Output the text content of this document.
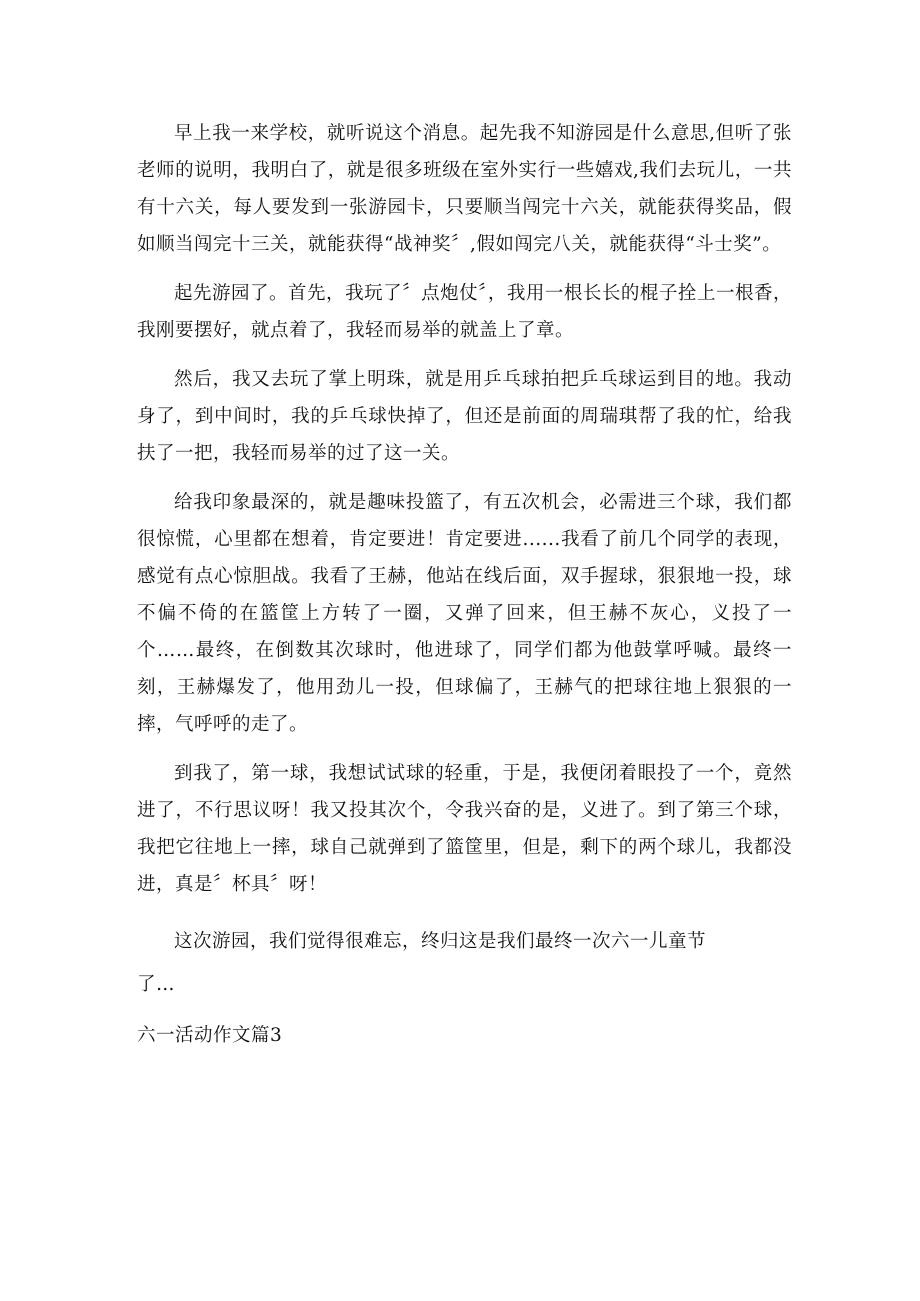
早上我一来学校，就听说这个消息。起先我不知游园是什么意思,但听了张老师的说明，我明白了，就是很多班级在室外实行一些嬉戏,我们去玩儿，一共有十六关，每人要发到一张游园卡，只要顺当闯完十六关，就能获得奖品，假如顺当闯完十三关，就能获得“战神奖〞,假如闯完八关，就能获得“斗士奖”。

起先游园了。首先，我玩了〞点炮仗〞，我用一根长长的棍子拴上一根香，我刚要摆好，就点着了，我轻而易举的就盖上了章。

然后，我又去玩了掌上明珠，就是用乒乓球拍把乒乓球运到目的地。我动身了，到中间时，我的乒乓球快掉了，但还是前面的周瑞琪帮了我的忙，给我扶了一把，我轻而易举的过了这一关。

给我印象最深的，就是趣味投篮了，有五次机会，必需进三个球，我们都很惊慌，心里都在想着，肯定要进！肯定要进......我看了前几个同学的表现，感觉有点心惊胆战。我看了王赫，他站在线后面，双手握球，狠狠地一投，球不偏不倚的在篮筐上方转了一圈，又弹了回来，但王赫不灰心，义投了一个……最终，在倒数其次球时，他进球了，同学们都为他鼓掌呼喊。最终一刻，王赫爆发了，他用劲儿一投，但球偏了，王赫气的把球往地上狠狠的一摔，气呼呼的走了。

到我了，第一球，我想试试球的轻重，于是，我便闭着眼投了一个，竟然进了，不行思议呀！我又投其次个，令我兴奋的是，义进了。到了第三个球，我把它往地上一摔，球自己就弹到了篮筐里，但是，剩下的两个球儿，我都没进，真是〞杯具〞呀！

这次游园，我们觉得很难忘，终归这是我们最终一次六一儿童节

了…

六一活动作文篇3
